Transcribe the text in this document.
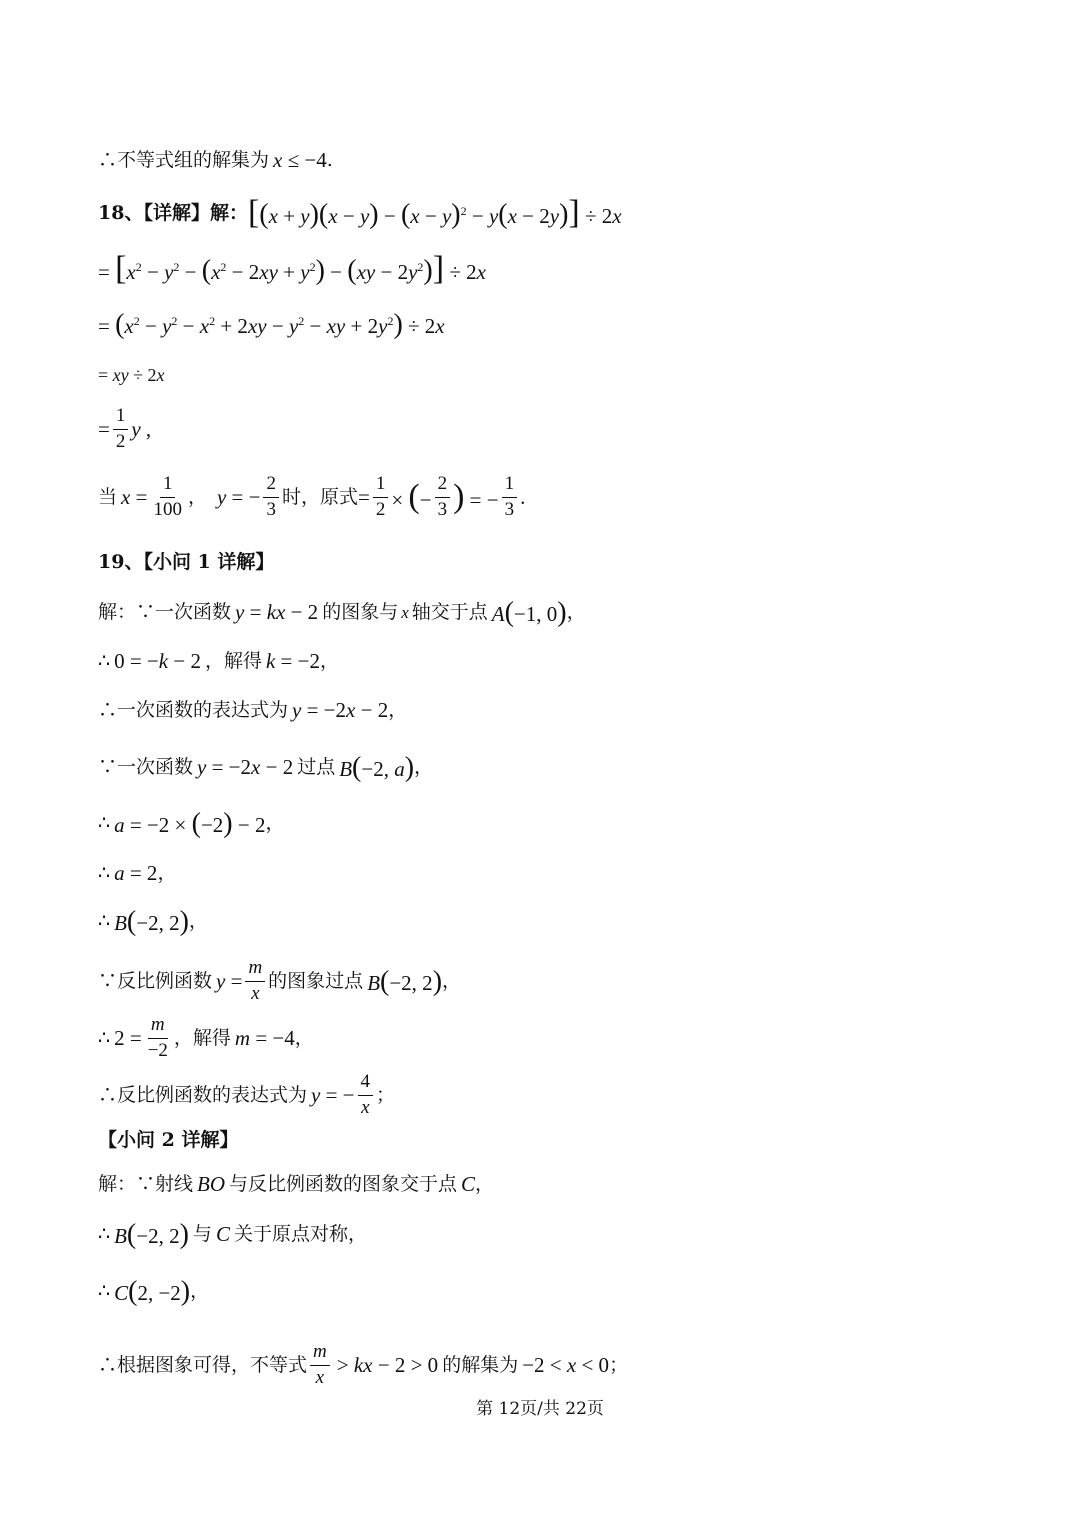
∴不等式组的解集为 x ≤ −4 .
18、【详解】解： $[(x + y)(x - y) - (x - y)^2 - y(x - 2y)] \div 2x$
= $[x^2 - y^2 - (x^2 - 2xy + y^2) - (xy - 2y^2)] \div 2x$
= ($x^2 - y^2 - x^2 + 2xy - y^2$ − xy + $2y^2) \div 2x$
= xy ÷ 2x
= $\frac{1}{2}$ y ,
当 $x = \frac{1}{100}$ ， y = − $\frac{2}{3}$ 时，原式 = $\frac{1}{2}$ × (− $\frac{2}{3}$ ) = − $\frac{1}{3}$ .
19、【小问 1 详解】
解：∵一次函数 y = kx − 2 的图象与 x 轴交于点 A(−1, 0) ，
∴ 0 = −k − 2 ，解得 k = −2 ，
∴一次函数的表达式为 y = −2x − 2 ，
∵一次函数 y = −2x − 2 过点 B(−2, a) ，
∴ a = −2 × (−2) − 2 ，
∴ a = 2 ，
∴ B(−2, 2) ，
∵反比例函数 $y = \frac{m}{x}$ 的图象过点 B(−2, 2) ，
∴ $2 = \frac{m}{-2}$ ，解得 m = −4 ，
∴反比例函数的表达式为 y = − $\frac{4}{x}$ ；
【小问 2 详解】
解：∵射线 BO 与反比例函数的图象交于点 C ，
∴ B(−2, 2) 与 C 关于原点对称，
∴ C(2, −2) ，
∴根据图象可得，不等式 $\frac{m}{x}$ > kx − 2 > 0 的解集为 −2 < x < 0 ；
第 12页/共 22页
